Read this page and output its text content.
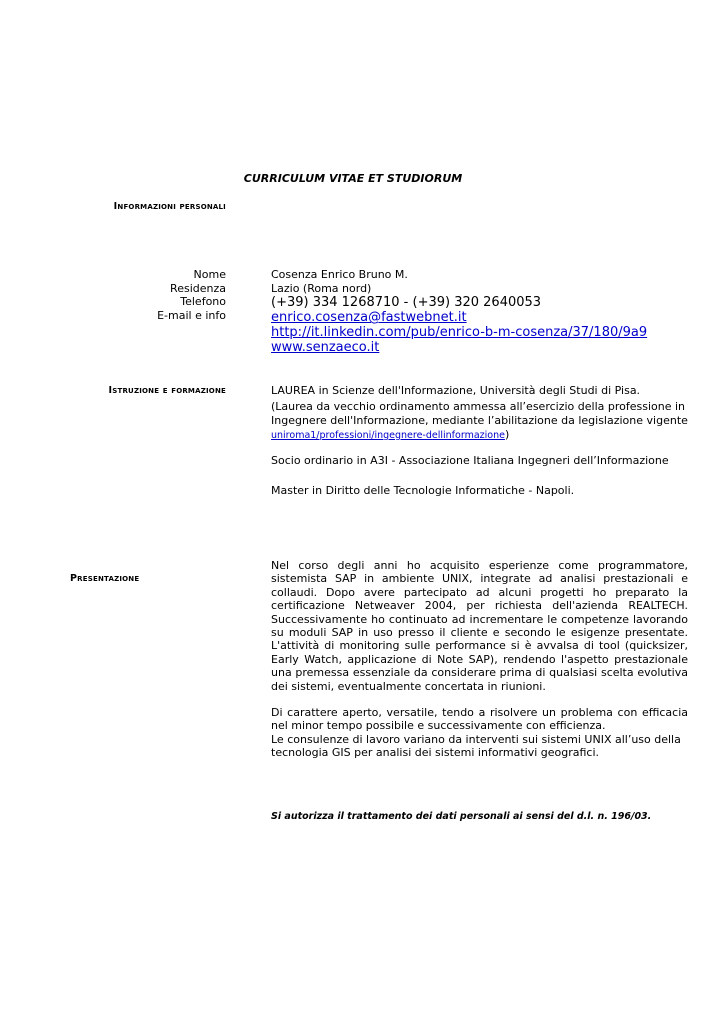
CURRICULUM VITAE ET STUDIORUM
Informazioni personali
Nome
Residenza
Telefono
E-mail e info
Cosenza Enrico Bruno M.
Lazio (Roma nord)
(+39) 334 1268710 - (+39) 320 2640053
enrico.cosenza@fastwebnet.it
http://it.linkedin.com/pub/enrico-b-m-cosenza/37/180/9a9
www.senzaeco.it
Istruzione e formazione	LAUREA in Scienze dell'Informazione, Università degli Studi di Pisa.
(Laurea da vecchio ordinamento ammessa all’esercizio della professione in
Ingegnere dell'Informazione, mediante l’abilitazione da legislazione vigente
uniroma1/professioni/ingegnere-dellinformazione)
Socio ordinario in A3I - Associazione Italiana Ingegneri dell’Informazione
Master in Diritto delle Tecnologie Informatiche - Napoli.
Presentazione

Nel corso degli anni ho acquisito esperienze come programmatore, sistemista SAP in ambiente UNIX, integrate ad analisi prestazionali e collaudi. Dopo avere partecipato ad alcuni progetti ho preparato la certificazione Netweaver 2004, per richiesta dell'azienda REALTECH. Successivamente ho continuato ad incrementare le competenze lavorando su moduli SAP in uso presso il cliente e secondo le esigenze presentate. L'attività di monitoring sulle performance si è avvalsa di tool (quicksizer, Early Watch, applicazione di Note SAP), rendendo l'aspetto prestazionale una premessa essenziale da considerare prima di qualsiasi scelta evolutiva dei sistemi, eventualmente concertata in riunioni.

Di carattere aperto, versatile, tendo a risolvere un problema con efficacia nel minor tempo possibile e successivamente con efficienza.

Le consulenze di lavoro variano da interventi sui sistemi UNIX all’uso della tecnologia GIS per analisi dei sistemi informativi geografici.

Si autorizza il trattamento dei dati personali ai sensi del d.l. n. 196/03.
